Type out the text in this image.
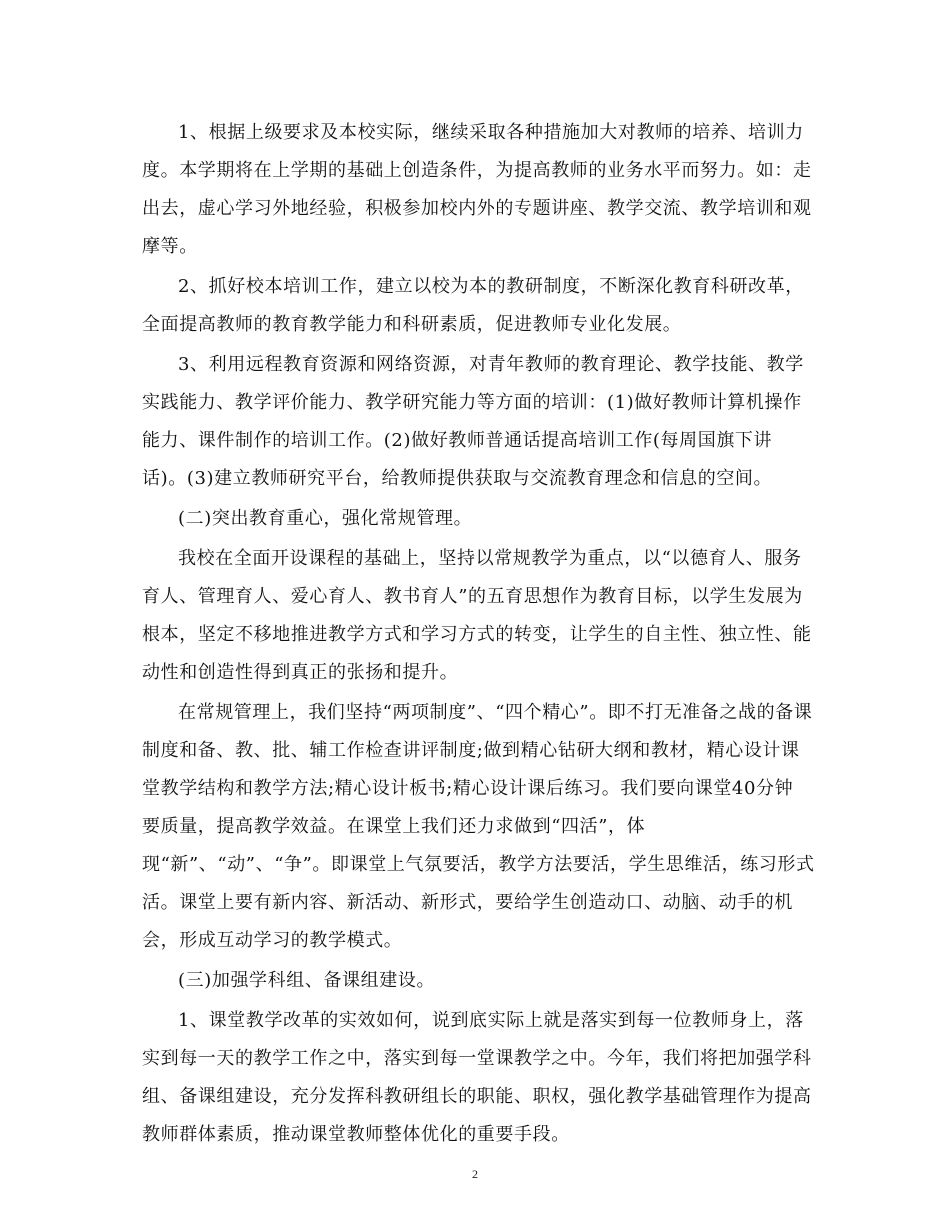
1、根据上级要求及本校实际，继续采取各种措施加大对教师的培养、培训力
度。本学期将在上学期的基础上创造条件，为提高教师的业务水平而努力。如：走
出去，虚心学习外地经验，积极参加校内外的专题讲座、教学交流、教学培训和观
摩等。
2、抓好校本培训工作，建立以校为本的教研制度，不断深化教育科研改革，
全面提高教师的教育教学能力和科研素质，促进教师专业化发展。
3、利用远程教育资源和网络资源，对青年教师的教育理论、教学技能、教学
实践能力、教学评价能力、教学研究能力等方面的培训：(1)做好教师计算机操作
能力、课件制作的培训工作。(2)做好教师普通话提高培训工作(每周国旗下讲
话)。(3)建立教师研究平台，给教师提供获取与交流教育理念和信息的空间。
(二)突出教育重心，强化常规管理。
我校在全面开设课程的基础上，坚持以常规教学为重点，以“以德育人、服务
育人、管理育人、爱心育人、教书育人”的五育思想作为教育目标，以学生发展为
根本，坚定不移地推进教学方式和学习方式的转变，让学生的自主性、独立性、能
动性和创造性得到真正的张扬和提升。
在常规管理上，我们坚持“两项制度”、“四个精心”。即不打无准备之战的备课
制度和备、教、批、辅工作检查讲评制度;做到精心钻研大纲和教材，精心设计课
堂教学结构和教学方法;精心设计板书;精心设计课后练习。我们要向课堂40分钟
要质量，提高教学效益。在课堂上我们还力求做到“四活”，体
现“新”、“动”、“争”。即课堂上气氛要活，教学方法要活，学生思维活，练习形式
活。课堂上要有新内容、新活动、新形式，要给学生创造动口、动脑、动手的机
会，形成互动学习的教学模式。
(三)加强学科组、备课组建设。
1、课堂教学改革的实效如何，说到底实际上就是落实到每一位教师身上，落
实到每一天的教学工作之中，落实到每一堂课教学之中。今年，我们将把加强学科
组、备课组建设，充分发挥科教研组长的职能、职权，强化教学基础管理作为提高
教师群体素质，推动课堂教师整体优化的重要手段。
2
